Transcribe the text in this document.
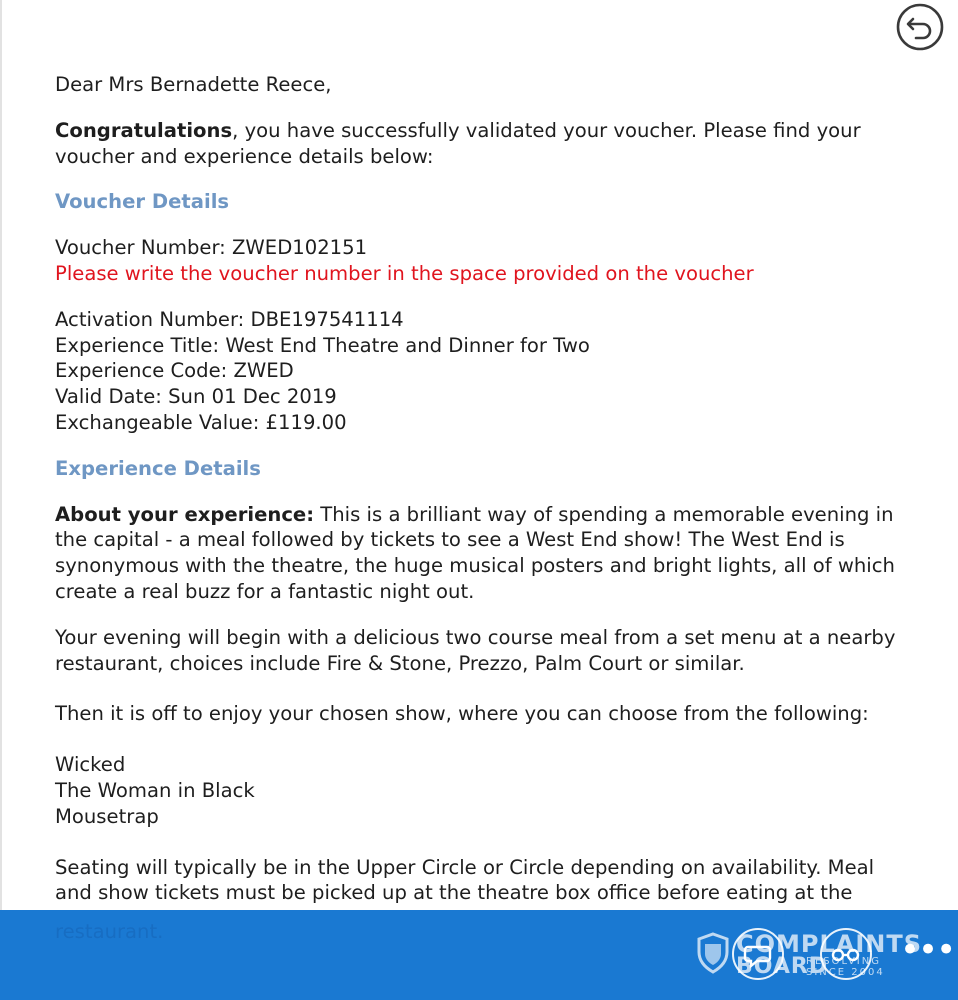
Dear Mrs Bernadette Reece,

Congratulations, you have successfully validated your voucher. Please find your voucher and experience details below:

Voucher Details

Voucher Number: ZWED102151

Please write the voucher number in the space provided on the voucher

Activation Number: DBE197541114

Experience Title: West End Theatre and Dinner for Two

Experience Code: ZWED

Valid Date: Sun 01 Dec 2019

Exchangeable Value: £119.00

Experience Details

About your experience: This is a brilliant way of spending a memorable evening in the capital - a meal followed by tickets to see a West End show! The West End is synonymous with the theatre, the huge musical posters and bright lights, all of which create a real buzz for a fantastic night out.

Your evening will begin with a delicious two course meal from a set menu at a nearby restaurant, choices include Fire & Stone, Prezzo, Palm Court or similar.

Then it is off to enjoy your chosen show, where you can choose from the following:

Wicked

The Woman in Black

Mousetrap

Seating will typically be in the Upper Circle or Circle depending on availability. Meal and show tickets must be picked up at the theatre box office before eating at the

restaurant.	COMPLAINTS
BOARD
RESOLVING
SINCE 2004
•••
